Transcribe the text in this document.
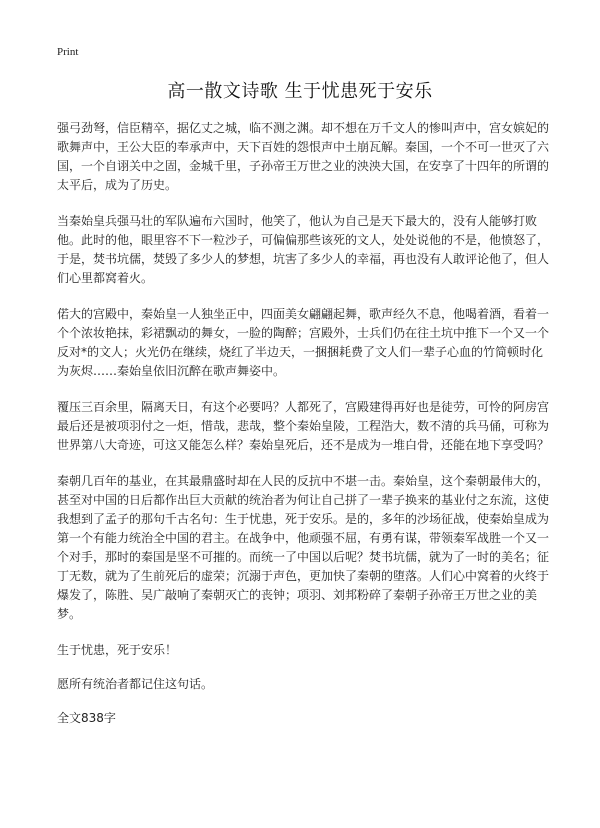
Print
高一散文诗歌 生于忧患死于安乐

强弓劲弩，信臣精卒，据亿丈之城，临不测之渊。却不想在万千文人的惨叫声中，宫女嫔妃的歌舞声中，王公大臣的奉承声中，天下百姓的怨恨声中土崩瓦解。秦国，一个不可一世灭了六国，一个自诩关中之固，金城千里，子孙帝王万世之业的泱泱大国，在安享了十四年的所谓的太平后，成为了历史。

当秦始皇兵强马壮的军队遍布六国时，他笑了，他认为自己是天下最大的，没有人能够打败他。此时的他，眼里容不下一粒沙子，可偏偏那些该死的文人，处处说他的不是，他愤怒了，于是，焚书坑儒，焚毁了多少人的梦想，坑害了多少人的幸福，再也没有人敢评论他了，但人们心里都窝着火。

偌大的宫殿中，秦始皇一人独坐正中，四面美女翩翩起舞，歌声经久不息，他喝着酒，看着一个个浓妆艳抹，彩裙飘动的舞女，一脸的陶醉；宫殿外，士兵们仍在往土坑中推下一个又一个反对*的文人；火光仍在继续，烧红了半边天，一捆捆耗费了文人们一辈子心血的竹简顿时化为灰烬……秦始皇依旧沉醉在歌声舞姿中。

覆压三百余里，隔离天日，有这个必要吗？人都死了，宫殿建得再好也是徒劳，可怜的阿房宫最后还是被项羽付之一炬，惜哉，悲哉，整个秦始皇陵，工程浩大，数不清的兵马俑，可称为世界第八大奇迹，可这又能怎么样？秦始皇死后，还不是成为一堆白骨，还能在地下享受吗？

秦朝几百年的基业，在其最鼎盛时却在人民的反抗中不堪一击。秦始皇，这个秦朝最伟大的，甚至对中国的日后都作出巨大贡献的统治者为何让自己拼了一辈子换来的基业付之东流，这使我想到了孟子的那句千古名句：生于忧患，死于安乐。是的，多年的沙场征战，使秦始皇成为第一个有能力统治全中国的君主。在战争中，他顽强不屈，有勇有谋，带领秦军战胜一个又一个对手，那时的秦国是坚不可摧的。而统一了中国以后呢？焚书坑儒，就为了一时的美名；征丁无数，就为了生前死后的虚荣；沉溺于声色，更加快了秦朝的堕落。人们心中窝着的火终于爆发了，陈胜、吴广敲响了秦朝灭亡的丧钟；项羽、刘邦粉碎了秦朝子孙帝王万世之业的美梦。

生于忧患，死于安乐！

愿所有统治者都记住这句话。

全文838字
